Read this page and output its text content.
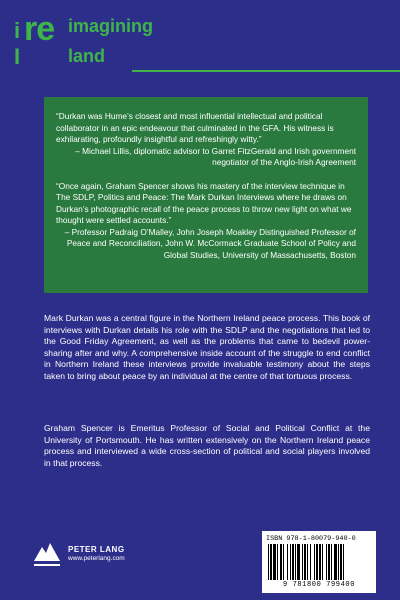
i re imagining
I	land

“Durkan was Hume’s closest and most influential intellectual and political collaborator in an epic endeavour that culminated in the GFA. His witness is exhilarating, profoundly insightful and refreshingly witty.”

– Michael Lillis, diplomatic advisor to Garret FitzGerald and Irish government negotiator of the Anglo-Irish Agreement

“Once again, Graham Spencer shows his mastery of the interview technique in The SDLP, Politics and Peace: The Mark Durkan Interviews where he draws on Durkan’s photographic recall of the peace process to throw new light on what we thought were settled accounts.”

– Professor Padraig O’Malley, John Joseph Moakley Distinguished Professor of Peace and Reconciliation, John W. McCormack Graduate School of Policy and Global Studies, University of Massachusetts, Boston

Mark Durkan was a central figure in the Northern Ireland peace process. This book of interviews with Durkan details his role with the SDLP and the negotiations that led to the Good Friday Agreement, as well as the problems that came to bedevil power-sharing after and why. A comprehensive inside account of the struggle to end conflict in Northern Ireland these interviews provide invaluable testimony about the steps taken to bring about peace by an individual at the centre of that tortuous process.

Graham Spencer is Emeritus Professor of Social and Political Conflict at the University of Portsmouth. He has written extensively on the Northern Ireland peace process and interviewed a wide cross-section of political and social players involved in that process.

PETER LANG
www.peterlang.com
ISBN 978-1-80079-940-0
9 781800 799400
